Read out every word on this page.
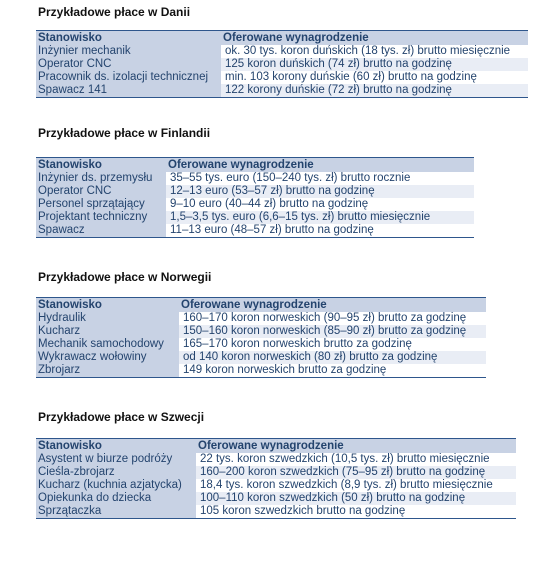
Przykładowe płace w Danii
Stanowisko	Oferowane wynagrodzenie
Inżynier mechanik	ok. 30 tys. koron duńskich (18 tys. zł) brutto miesięcznie
Operator CNC	125 koron duńskich (74 zł) brutto na godzinę
Pracownik ds. izolacji technicznej	min. 103 korony duńskie (60 zł) brutto na godzinę
Spawacz 141	122 korony duńskie (72 zł) brutto na godzinę
Przykładowe płace w Finlandii
Stanowisko	Oferowane wynagrodzenie
Inżynier ds. przemysłu	35–55 tys. euro (150–240 tys. zł) brutto rocznie
Operator CNC	12–13 euro (53–57 zł) brutto na godzinę
Personel sprzątający	9–10 euro (40–44 zł) brutto na godzinę
Projektant techniczny	1,5–3,5 tys. euro (6,6–15 tys. zł) brutto miesięcznie
Spawacz	11–13 euro (48–57 zł) brutto na godzinę
Przykładowe płace w Norwegii
Stanowisko	Oferowane wynagrodzenie
Hydraulik	160–170 koron norweskich (90–95 zł) brutto za godzinę
Kucharz	150–160 koron norweskich (85–90 zł) brutto za godzinę
Mechanik samochodowy	165–170 koron norweskich brutto za godzinę
Wykrawacz wołowiny	od 140 koron norweskich (80 zł) brutto za godzinę
Zbrojarz	149 koron norweskich brutto za godzinę
Przykładowe płace w Szwecji
Stanowisko	Oferowane wynagrodzenie
Asystent w biurze podróży	22 tys. koron szwedzkich (10,5 tys. zł) brutto miesięcznie
Cieśla-zbrojarz	160–200 koron szwedzkich (75–95 zł) brutto na godzinę
Kucharz (kuchnia azjatycka)	18,4 tys. koron szwedzkich (8,9 tys. zł) brutto miesięcznie
Opiekunka do dziecka	100–110 koron szwedzkich (50 zł) brutto na godzinę
Sprzątaczka	105 koron szwedzkich brutto na godzinę
